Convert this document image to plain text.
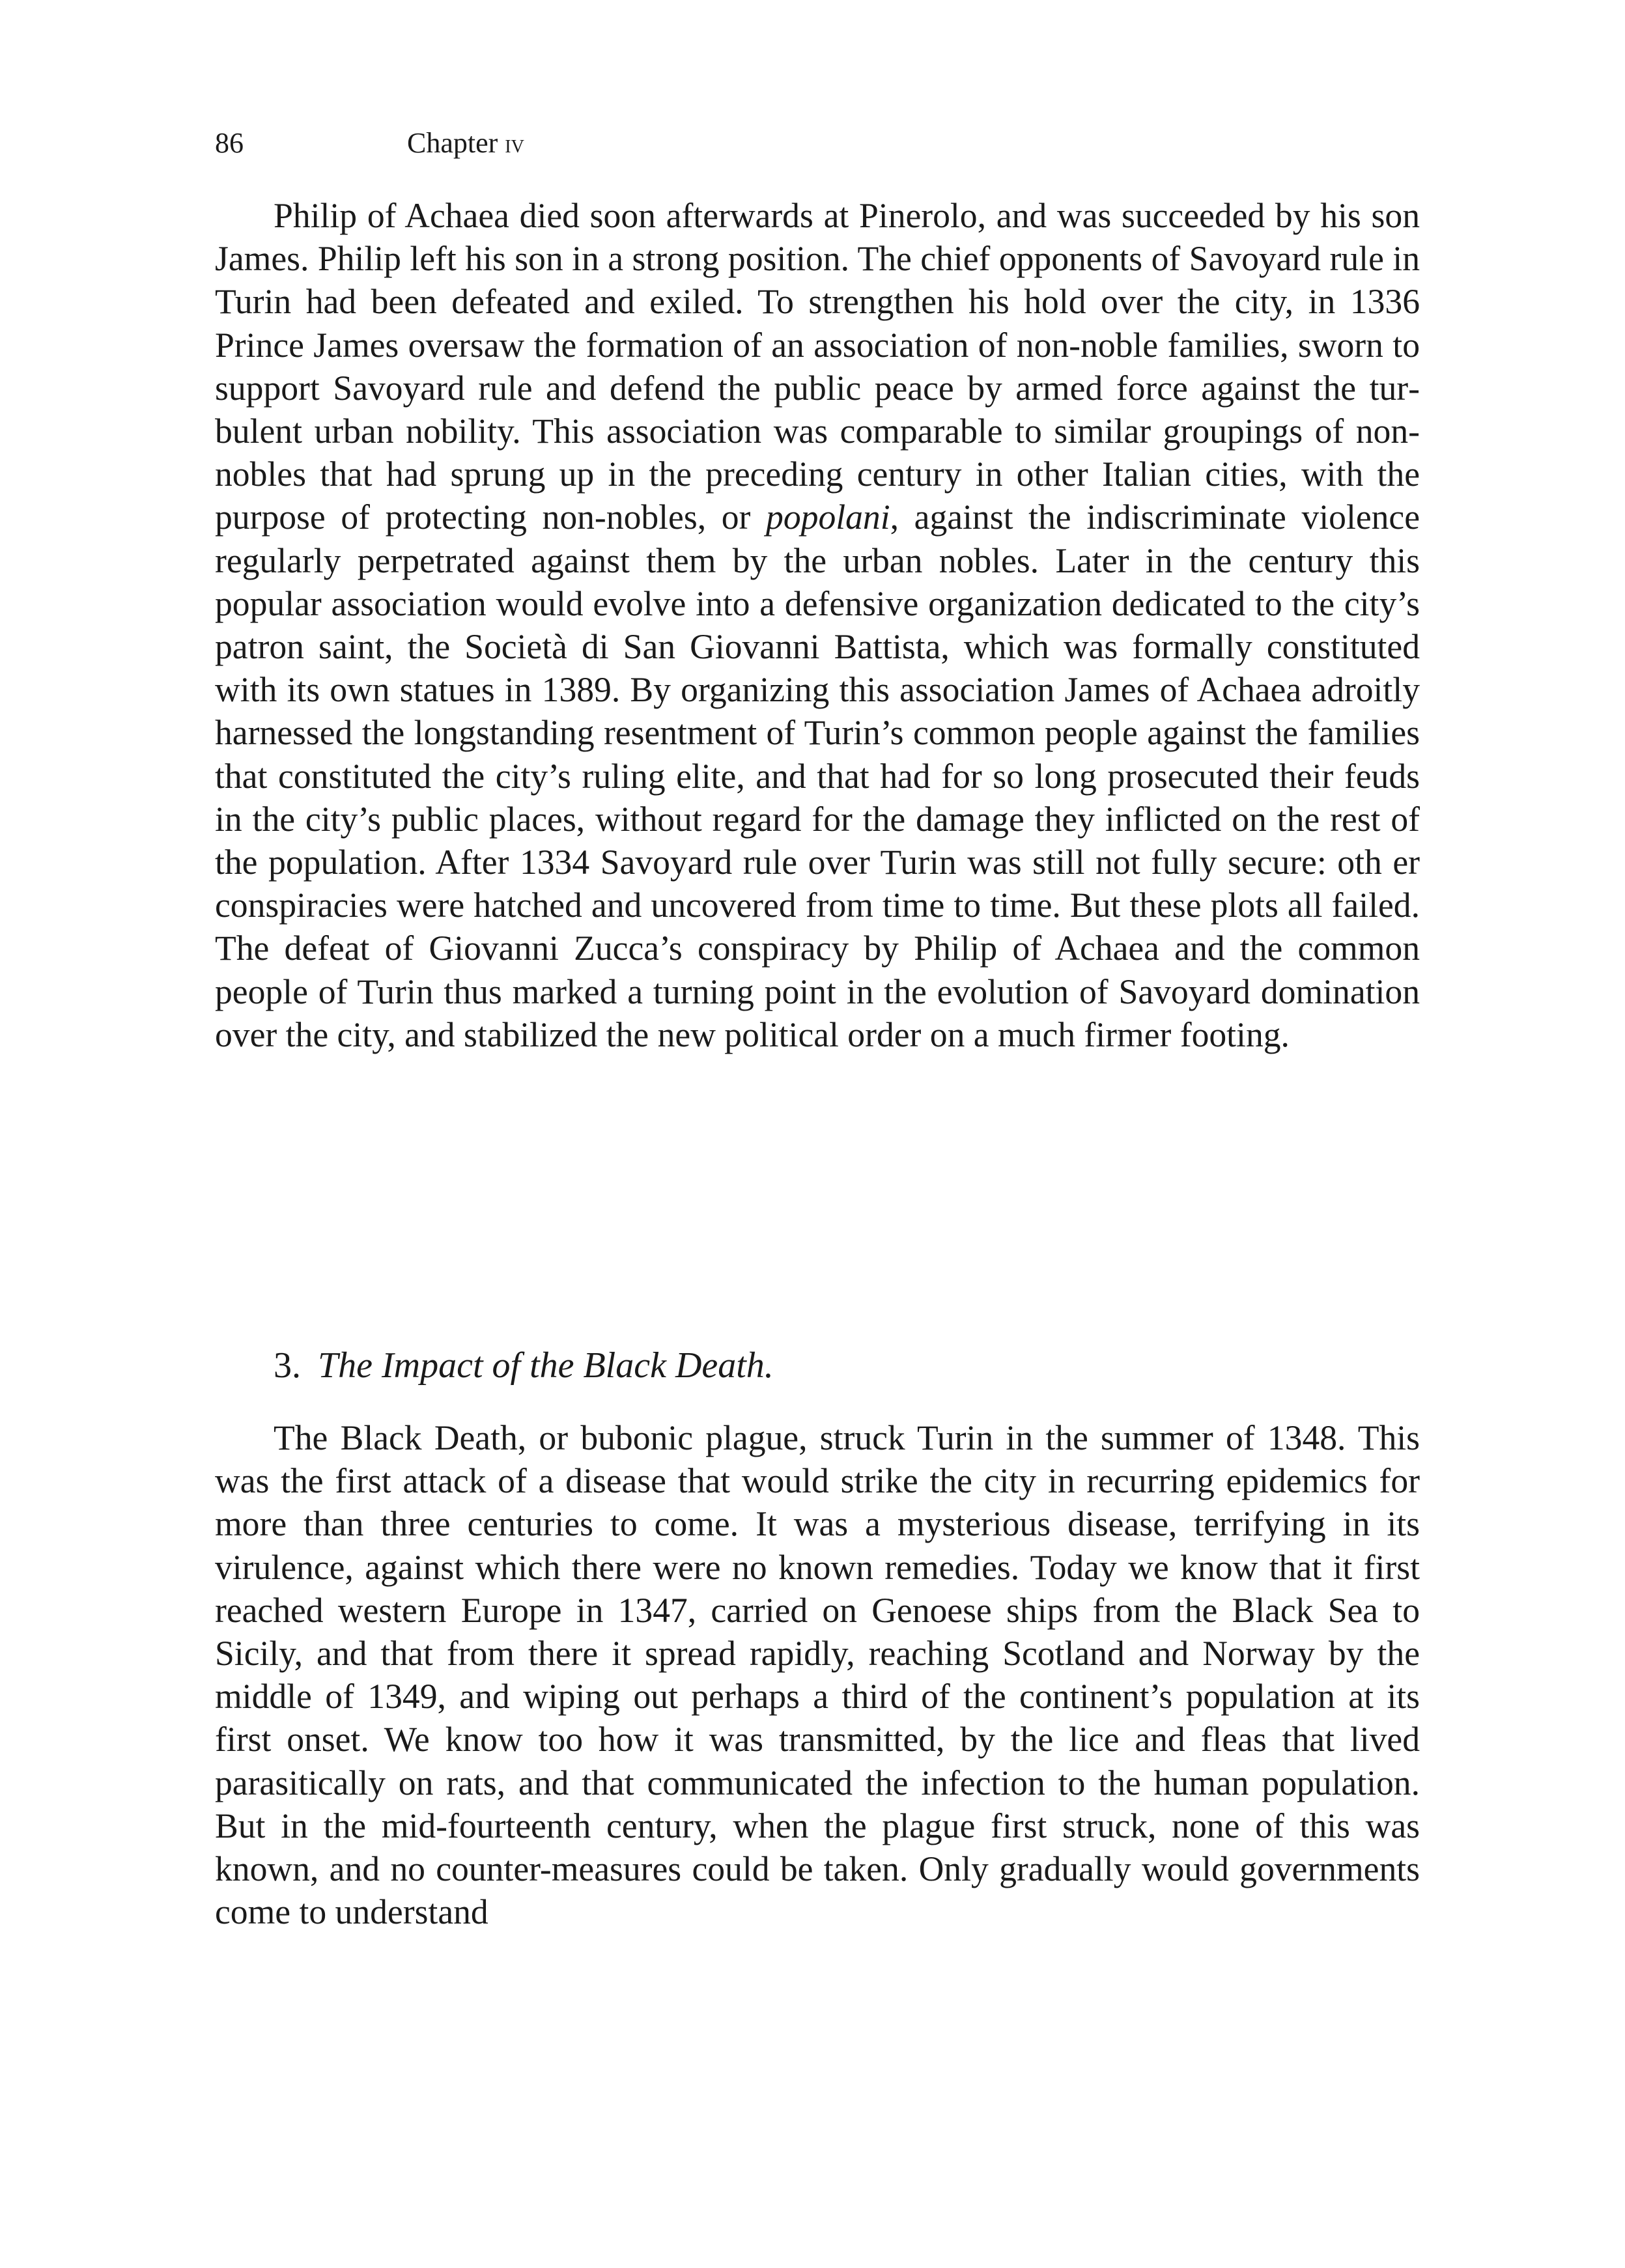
86	Chapter iv

Philip of Achaea died soon afterwards at Pinerolo, and was succeeded by his son James. Philip left his son in a strong position. The chief opponents of Savoyard rule in Turin had been defeated and exiled. To strengthen his hold over the city, in 1336 Prince James oversaw the formation of an association of non-noble families, sworn to support Savoyard rule and defend the public peace by armed force against the turbulent urban nobility. This association was comparable to similar groupings of non-nobles that had sprung up in the preceding century in other Italian cities, with the purpose of protecting non-nobles, or popolani, against the indiscriminate violence regularly perpetrated against them by the urban nobles. Later in the century this popular association would evolve into a defensive organization dedicated to the city’s patron saint, the Società di San Giovanni Battista, which was formally constituted with its own statues in 1389. By organizing this association James of Achaea adroitly harnessed the longstanding resentment of Turin’s common people against the families that constituted the city’s ruling elite, and that had for so long prosecuted their feuds in the city’s public places, without regard for the damage they inflicted on the rest of the population. After 1334 Savoyard rule over Turin was still not fully secure: oth er conspiracies were hatched and uncovered from time to time. But these plots all failed. The defeat of Giovanni Zucca’s conspiracy by Philip of Achaea and the common people of Turin thus marked a turning point in the evolution of Savoyard domination over the city, and stabilized the new political order on a much firmer footing.

3. The Impact of the Black Death.

The Black Death, or bubonic plague, struck Turin in the summer of 1348. This was the first attack of a disease that would strike the city in recurring epidemics for more than three centuries to come. It was a mysterious disease, terrifying in its virulence, against which there were no known remedies. Today we know that it first reached western Europe in 1347, carried on Genoese ships from the Black Sea to Sicily, and that from there it spread rapidly, reaching Scotland and Norway by the middle of 1349, and wiping out perhaps a third of the continent’s population at its first onset. We know too how it was transmitted, by the lice and fleas that lived parasitically on rats, and that communicated the infection to the human population. But in the mid-fourteenth century, when the plague first struck, none of this was known, and no counter-measures could be taken. Only gradually would governments come to understand
